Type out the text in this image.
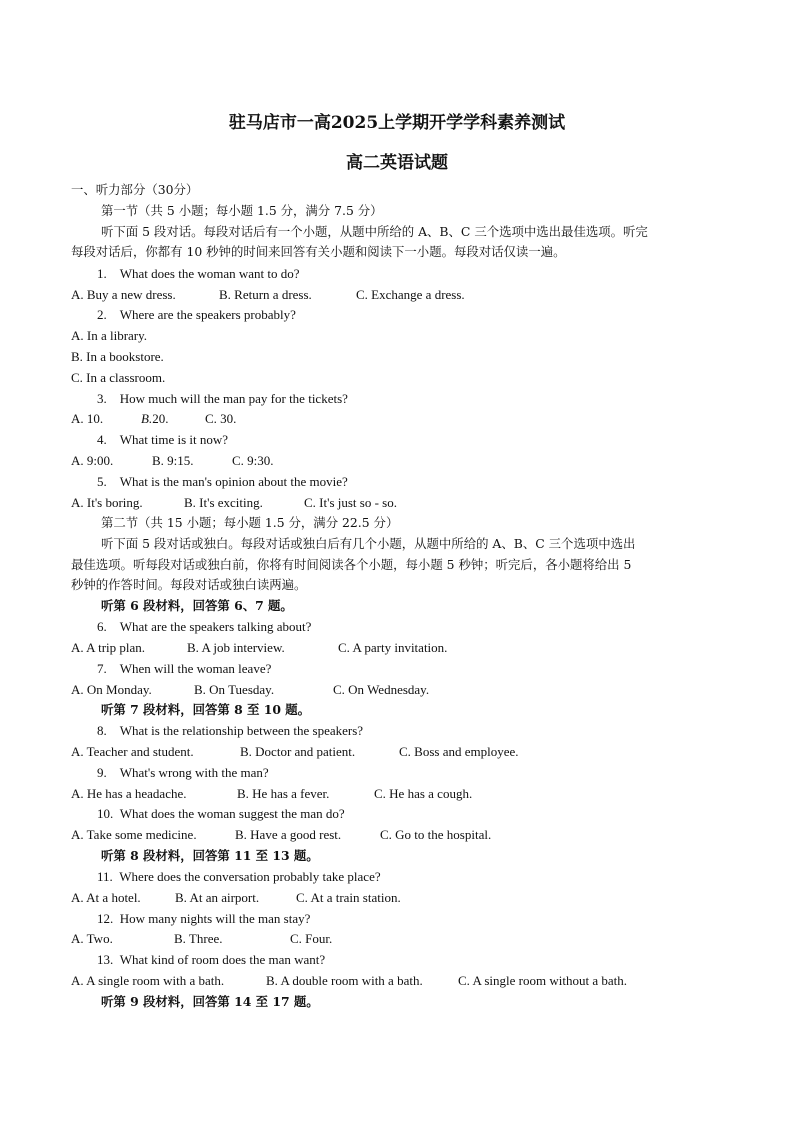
驻马店市一高2025上学期开学学科素养测试
高二英语试题
一、听力部分（30分）
第一节（共 5 小题；每小题 1.5 分，满分 7.5 分）
听下面 5 段对话。每段对话后有一个小题，从题中所给的 A、B、C 三个选项中选出最佳选项。听完
每段对话后，你都有 10 秒钟的时间来回答有关小题和阅读下一小题。每段对话仅读一遍。
1. What does the woman want to do?
A. Buy a new dress.	B. Return a dress.	C. Exchange a dress.
2. Where are the speakers probably?
A. In a library.
B. In a bookstore.
C. In a classroom.
3. How much will the man pay for the tickets?
A. 10.	B.20.	C. 30.
4. What time is it now?
A. 9:00.	B. 9:15.	C. 9:30.
5. What is the man's opinion about the movie?
A. It's boring.	B. It's exciting.	C. It's just so - so.
第二节（共 15 小题；每小题 1.5 分，满分 22.5 分）
听下面 5 段对话或独白。每段对话或独白后有几个小题，从题中所给的 A、B、C 三个选项中选出
最佳选项。听每段对话或独白前，你将有时间阅读各个小题，每小题 5 秒钟；听完后，各小题将给出 5
秒钟的作答时间。每段对话或独白读两遍。
听第 6 段材料，回答第 6、7 题。
6. What are the speakers talking about?
A. A trip plan.	B. A job interview.	C. A party invitation.
7. When will the woman leave?
A. On Monday.	B. On Tuesday.	C. On Wednesday.
听第 7 段材料，回答第 8 至 10 题。
8. What is the relationship between the speakers?
A. Teacher and student.	B. Doctor and patient.	C. Boss and employee.
9. What's wrong with the man?
A. He has a headache.	B. He has a fever.	C. He has a cough.
10. What does the woman suggest the man do?
A. Take some medicine.	B. Have a good rest.	C. Go to the hospital.
听第 8 段材料，回答第 11 至 13 题。
11. Where does the conversation probably take place?
A. At a hotel.	B. At an airport.	C. At a train station.
12. How many nights will the man stay?
A. Two.	B. Three.	C. Four.
13. What kind of room does the man want?
A. A single room with a bath.	B. A double room with a bath.	C. A single room without a bath.
听第 9 段材料，回答第 14 至 17 题。
